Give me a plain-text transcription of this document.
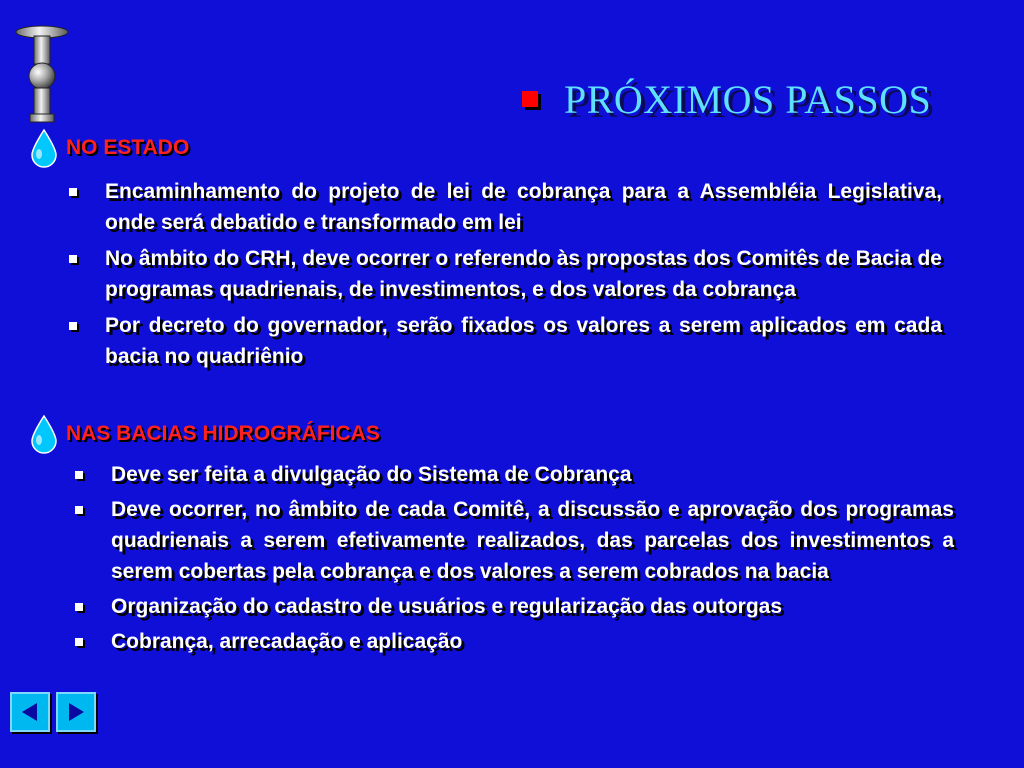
PRÓXIMOS PASSOS
NO ESTADO
Encaminhamento do projeto de lei de cobrança para a Assembléia Legislativa, onde será debatido e transformado em lei
No âmbito do CRH, deve ocorrer o referendo às propostas dos Comitês de Bacia de programas quadrienais, de investimentos, e dos valores da cobrança
Por decreto do governador, serão fixados os valores a serem aplicados em cada bacia no quadriênio
NAS BACIAS HIDROGRÁFICAS
Deve ser feita a divulgação do Sistema de Cobrança
Deve ocorrer, no âmbito de cada Comitê, a discussão e aprovação dos programas quadrienais a serem efetivamente realizados, das parcelas dos investimentos a serem cobertas pela cobrança e dos valores a serem cobrados na bacia
Organização do cadastro de usuários e regularização das outorgas
Cobrança, arrecadação e aplicação
